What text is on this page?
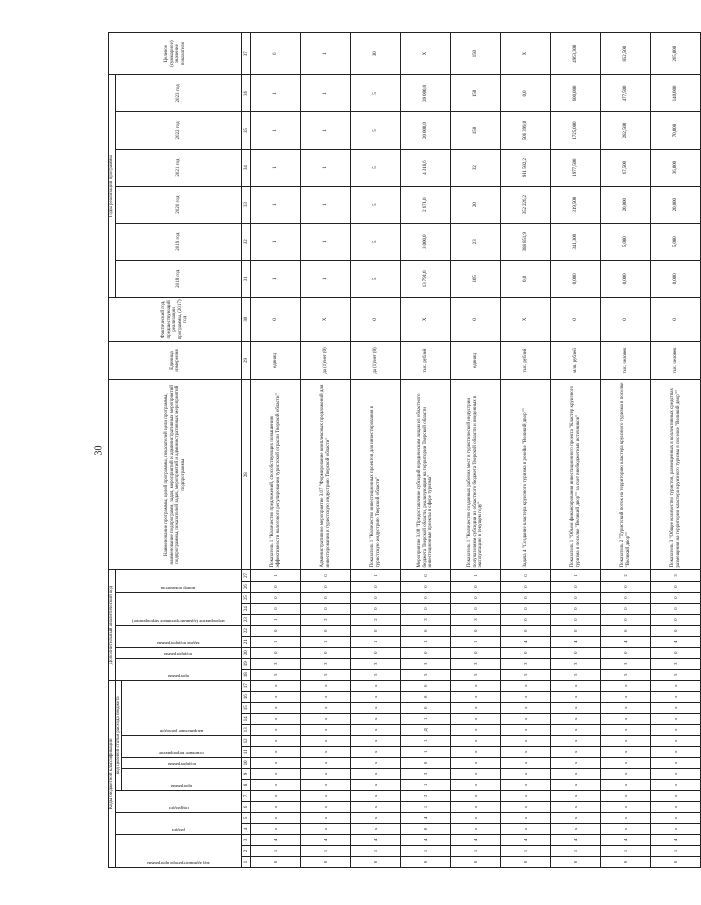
30
Коды бюджетной классификации																	Дополнительный аналитический код										Наименование программы, целей программы, показателей цели программы, наименование подпрограмм, задач, мероприятий и административных мероприятий подпрограммы, показателей задач, мероприятий и административных мероприятий подпрограммы	Единица измерения	Фактический год, предшествующий реализации программы, (2017) год	Годы реализации программы						Целевое (суммарное) значение показателя

код администратора программы			раздел		подраздел		код целевой статьи расхода бюджета										программа		подпрограмма	задача подпрограммы		мероприятие (административное мероприятие)			номер показателя					2018 год	2019 год	2020 год	2021 год	2022 год	2023 год	

							программа		подпрограмма	основное мероприятие		направление расходов																								

1	2	3	4	5	6	7	8	9	10	11	12	13	14	15	16	17	18	19	20	21	22	23	24	25	26	27	28	29	30	31	32	33	34	35	36	37
0	1	4	x	x	x	x	x	x	x	x	x	x	x	x	x	x	5	3	0	1	0	1	0	0	0	1	Показатель 1 "Количество предложений, способствующих повышению эффективности налогового регулирования туристской отрасли Тверской области"	единиц	0	1	1	1	1	1	1	6
0	1	4	x	x	x	x	x	x	x	x	x	x	x	x	x	x	5	3	0	1	0	2	0	0	0	0	Административное мероприятие 3.07 "Формирование комплексных предложений для инвестирования в туристскую индустрию Тверской области"	да (1)/нет (0)	X	1	1	1	1	1	1	1
0	1	4	x	x	x	x	x	x	x	x	x	x	x	x	x	x	5	3	0	1	0	2	0	0	0	1	Показатель 1 "Количество инвестиционных проектов для инвестирования в туристскую индустрию Тверской области"	да (1)/нет (0)	0	5	5	5	5	5	5	30
0	1	4	0	4	1	2	1	3	0	1	1	Д	1	0	8	0	5	3	0	1	0	3	0	0	0	0	Мероприятие 3.08 "Предоставление субсидий юридическим лицам из областного бюджета Тверской области, реализующим на территории Тверской области инвестиционные проекты в сфере туризма"	тыс. рублей	X	13 791,0	3 000,0	2 671,0	4 318,6	20 000,0	20 000,0	X
0	1	4	x	x	x	x	x	x	x	x	x	x	x	x	x	x	5	3	0	1	0	3	0	0	0	1	Показатель 1 "Количество созданных рабочих мест в туристической индустрии получателями субсидии из областного бюджета Тверской области и введенных в эксплуатацию в текущем году"	единиц	0	105	23	20	32	150	150	150
0	1	4	x	x	x	x	x	x	x	x	x	x	x	x	x	x	5	3	0	4	0	0	0	0	0	0	Задача 4 "Создание кластера круизного туризма в poselke "Великий двор""	тыс. рублей	X	0,0	388 851,9	352 226,2	911 502,2	506 399,0	0,0	X
0	1	4	x	x	x	x	x	x	x	x	x	x	x	x	x	x	5	3	0	4	0	0	0	0	0	1	Показатель 1 "Объем финансирования инвестиционного проекта "Кластер круизного туризма в поселке "Великий двор"" за счет внебюджетных источников"	млн. рублей	0	0,000	341,300	319,500	1977,500	1725,000	600,000	4963,300
0	1	4	x	x	x	x	x	x	x	x	x	x	x	x	x	x	5	3	0	4	0	0	0	0	0	2	Показатель 2 "Туристский поток на территорию кластера круизного туризма в поселке "Великий двор""	тыс. человек	0	0,000	5,000	20,000	67,500	282,500	477,500	852,500
0	1	4	x	x	x	x	x	x	x	x	x	x	x	x	x	x	5	3	0	4	0	0	0	0	0	3	Показатель 3 "Общее количество туристов, размещенных в коллективных средствах размещения на территории кластера круизного туризма в поселке "Великий двор""	тыс. человек	0	0,000	5,000	20,000	36,000	70,000	140,000	265,000
